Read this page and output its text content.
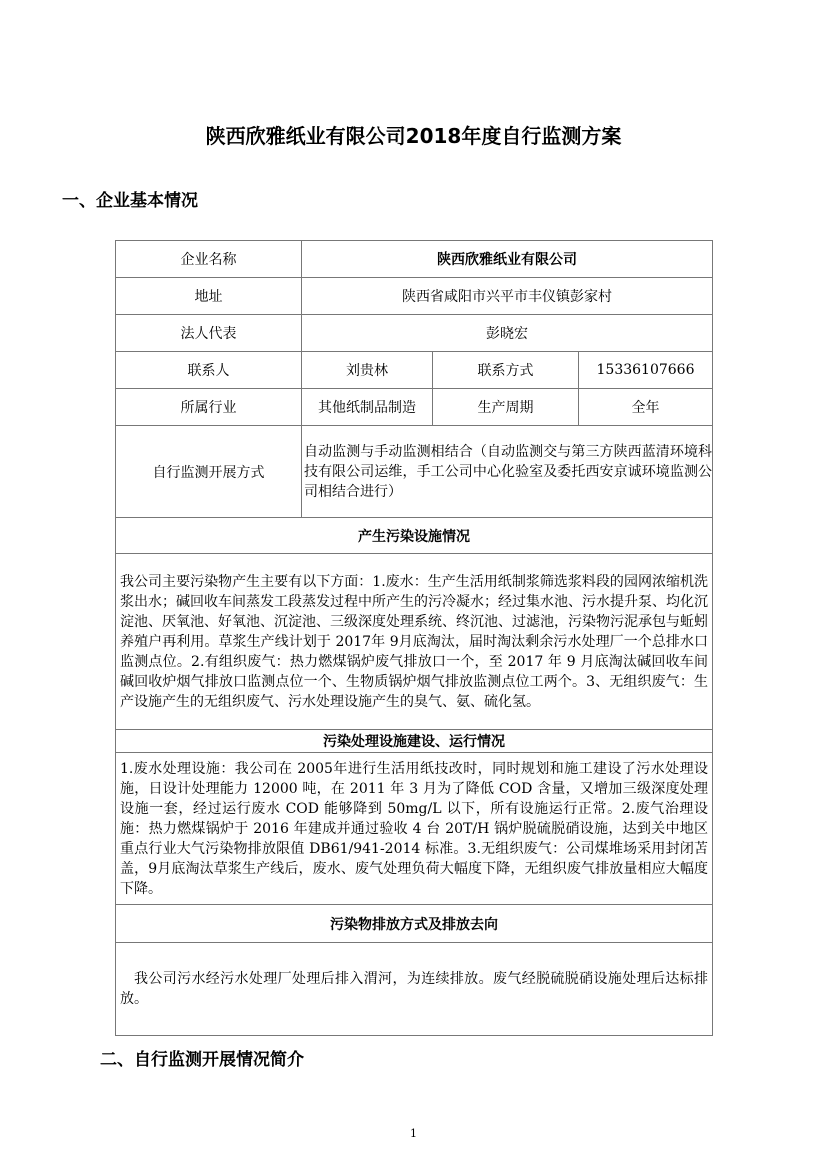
陕西欣雅纸业有限公司2018年度自行监测方案
一、企业基本情况
企业名称	陕西欣雅纸业有限公司		
地址	陕西省咸阳市兴平市丰仪镇彭家村		
法人代表	彭晓宏		
联系人	刘贵林	联系方式	15336107666
所属行业	其他纸制品制造	生产周期	全年
自行监测开展方式	自动监测与手动监测相结合（自动监测交与第三方陕西蓝清环境科技有限公司运维，手工公司中心化验室及委托西安京诚环境监测公司相结合进行）		
产生污染设施情况			
我公司主要污染物产生主要有以下方面：1.废水：生产生活用纸制浆筛选浆料段的园网浓缩机洗浆出水；碱回收车间蒸发工段蒸发过程中所产生的污冷凝水；经过集水池、污水提升泵、均化沉淀池、厌氧池、好氧池、沉淀池、三级深度处理系统、终沉池、过滤池，污染物污泥承包与蚯蚓养殖户再利用。草浆生产线计划于 2017年 9月底淘汰，届时淘汰剩余污水处理厂一个总排水口监测点位。2.有组织废气：热力燃煤锅炉废气排放口一个，至 2017 年 9 月底淘汰碱回收车间碱回收炉烟气排放口监测点位一个、生物质锅炉烟气排放监测点位工两个。3、无组织废气：生产设施产生的无组织废气、污水处理设施产生的臭气、氨、硫化氢。			
污染处理设施建设、运行情况			
1.废水处理设施：我公司在 2005年进行生活用纸技改时，同时规划和施工建设了污水处理设施，日设计处理能力 12000 吨，在 2011 年 3 月为了降低 COD 含量，又增加三级深度处理设施一套，经过运行废水 COD 能够降到 50mg/L 以下，所有设施运行正常。2.废气治理设施：热力燃煤锅炉于 2016 年建成并通过验收 4 台 20T/H 锅炉脱硫脱硝设施，达到关中地区重点行业大气污染物排放限值 DB61/941-2014 标准。3.无组织废气：公司煤堆场采用封闭苫盖，9月底淘汰草浆生产线后，废水、废气处理负荷大幅度下降，无组织废气排放量相应大幅度下降。			
污染物排放方式及排放去向			
我公司污水经污水处理厂处理后排入渭河，为连续排放。废气经脱硫脱硝设施处理后达标排放。			
二、自行监测开展情况简介
1
